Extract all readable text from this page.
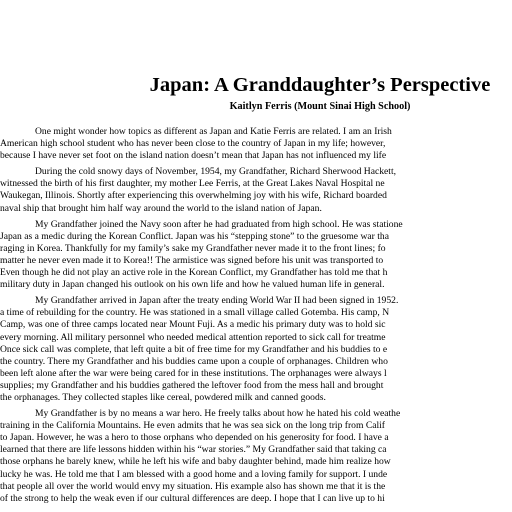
Japan: A Granddaughter’s Perspective
Kaitlyn Ferris (Mount Sinai High School)
One might wonder how topics as different as Japan and Katie Ferris are related. I am an Irish
American high school student who has never been close to the country of Japan in my life; however,
because I have never set foot on the island nation doesn’t mean that Japan has not influenced my life
During the cold snowy days of November, 1954, my Grandfather, Richard Sherwood Hackett,
witnessed the birth of his first daughter, my mother Lee Ferris, at the Great Lakes Naval Hospital ne
Waukegan, Illinois. Shortly after experiencing this overwhelming joy with his wife, Richard boarded
naval ship that brought him half way around the world to the island nation of Japan.
My Grandfather joined the Navy soon after he had graduated from high school. He was statione
Japan as a medic during the Korean Conflict. Japan was his “stepping stone” to the gruesome war tha
raging in Korea. Thankfully for my family’s sake my Grandfather never made it to the front lines; fo
matter he never even made it to Korea!! The armistice was signed before his unit was transported to
Even though he did not play an active role in the Korean Conflict, my Grandfather has told me that h
military duty in Japan changed his outlook on his own life and how he valued human life in general.
My Grandfather arrived in Japan after the treaty ending World War II had been signed in 1952.
a time of rebuilding for the country. He was stationed in a small village called Gotemba. His camp, N
Camp, was one of three camps located near Mount Fuji. As a medic his primary duty was to hold sic
every morning. All military personnel who needed medical attention reported to sick call for treatme
Once sick call was complete, that left quite a bit of free time for my Grandfather and his buddies to e
the country. There my Grandfather and his buddies came upon a couple of orphanages. Children who
been left alone after the war were being cared for in these institutions. The orphanages were always l
supplies; my Grandfather and his buddies gathered the leftover food from the mess hall and brought
the orphanages. They collected staples like cereal, powdered milk and canned goods.
My Grandfather is by no means a war hero. He freely talks about how he hated his cold weathe
training in the California Mountains. He even admits that he was sea sick on the long trip from Calif
to Japan. However, he was a hero to those orphans who depended on his generosity for food. I have a
learned that there are life lessons hidden within his “war stories.” My Grandfather said that taking ca
those orphans he barely knew, while he left his wife and baby daughter behind, made him realize how
lucky he was. He told me that I am blessed with a good home and a loving family for support. I unde
that people all over the world would envy my situation. His example also has shown me that it is the
of the strong to help the weak even if our cultural differences are deep. I hope that I can live up to hi
